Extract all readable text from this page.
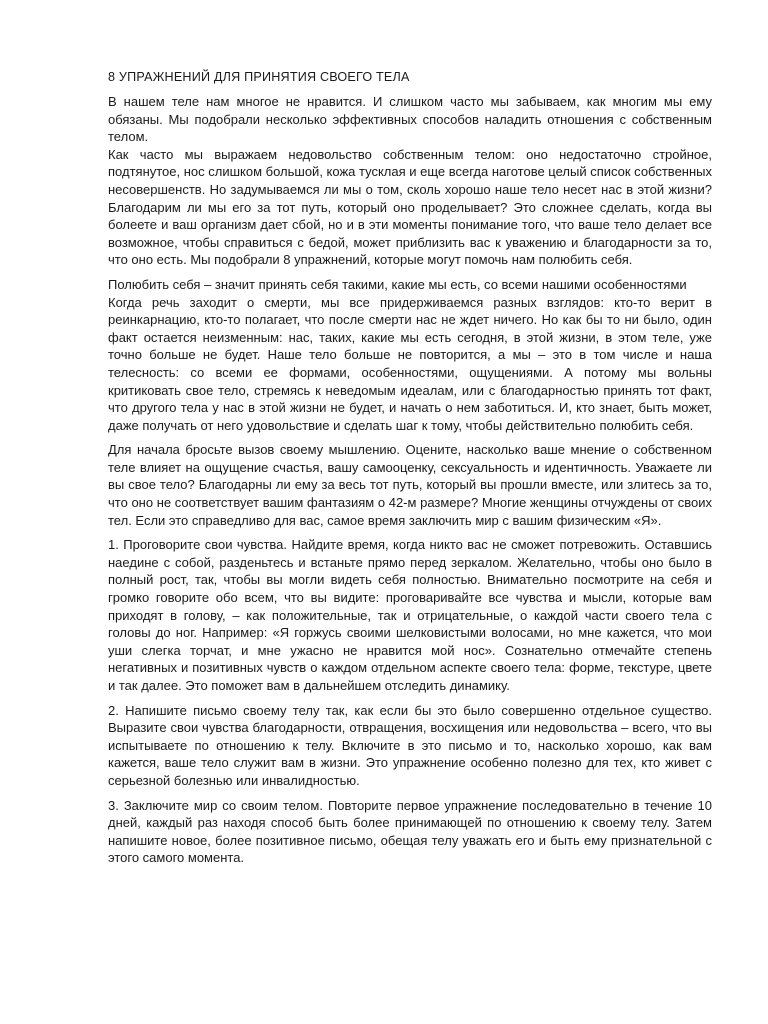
8 УПРАЖНЕНИЙ ДЛЯ ПРИНЯТИЯ СВОЕГО ТЕЛА
В нашем теле нам многое не нравится. И слишком часто мы забываем, как многим мы ему обязаны. Мы подобрали несколько эффективных способов наладить отношения с собственным телом.
Как часто мы выражаем недовольство собственным телом: оно недостаточно стройное, подтянутое, нос слишком большой, кожа тусклая и еще всегда наготове целый список собственных несовершенств. Но задумываемся ли мы о том, сколь хорошо наше тело несет нас в этой жизни? Благодарим ли мы его за тот путь, который оно проделывает? Это сложнее сделать, когда вы болеете и ваш организм дает сбой, но и в эти моменты понимание того, что ваше тело делает все возможное, чтобы справиться с бедой, может приблизить вас к уважению и благодарности за то, что оно есть. Мы подобрали 8 упражнений, которые могут помочь нам полюбить себя.
Полюбить себя – значит принять себя такими, какие мы есть, со всеми нашими особенностями
Когда речь заходит о смерти, мы все придерживаемся разных взглядов: кто-то верит в реинкарнацию, кто-то полагает, что после смерти нас не ждет ничего. Но как бы то ни было, один факт остается неизменным: нас, таких, какие мы есть сегодня, в этой жизни, в этом теле, уже точно больше не будет. Наше тело больше не повторится, а мы – это в том числе и наша телесность: со всеми ее формами, особенностями, ощущениями. А потому мы вольны критиковать свое тело, стремясь к неведомым идеалам, или с благодарностью принять тот факт, что другого тела у нас в этой жизни не будет, и начать о нем заботиться. И, кто знает, быть может, даже получать от него удовольствие и сделать шаг к тому, чтобы действительно полюбить себя.
Для начала бросьте вызов своему мышлению. Оцените, насколько ваше мнение о собственном теле влияет на ощущение счастья, вашу самооценку, сексуальность и идентичность. Уважаете ли вы свое тело? Благодарны ли ему за весь тот путь, который вы прошли вместе, или злитесь за то, что оно не соответствует вашим фантазиям о 42-м размере? Многие женщины отчуждены от своих тел. Если это справедливо для вас, самое время заключить мир с вашим физическим «Я».
1. Проговорите свои чувства. Найдите время, когда никто вас не сможет потревожить. Оставшись наедине с собой, разденьтесь и встаньте прямо перед зеркалом. Желательно, чтобы оно было в полный рост, так, чтобы вы могли видеть себя полностью. Внимательно посмотрите на себя и громко говорите обо всем, что вы видите: проговаривайте все чувства и мысли, которые вам приходят в голову, – как положительные, так и отрицательные, о каждой части своего тела с головы до ног. Например: «Я горжусь своими шелковистыми волосами, но мне кажется, что мои уши слегка торчат, и мне ужасно не нравится мой нос». Сознательно отмечайте степень негативных и позитивных чувств о каждом отдельном аспекте своего тела: форме, текстуре, цвете и так далее. Это поможет вам в дальнейшем отследить динамику.
2. Напишите письмо своему телу так, как если бы это было совершенно отдельное существо. Выразите свои чувства благодарности, отвращения, восхищения или недовольства – всего, что вы испытываете по отношению к телу. Включите в это письмо и то, насколько хорошо, как вам кажется, ваше тело служит вам в жизни. Это упражнение особенно полезно для тех, кто живет с серьезной болезнью или инвалидностью.
3. Заключите мир со своим телом. Повторите первое упражнение последовательно в течение 10 дней, каждый раз находя способ быть более принимающей по отношению к своему телу. Затем напишите новое, более позитивное письмо, обещая телу уважать его и быть ему признательной с этого самого момента.
